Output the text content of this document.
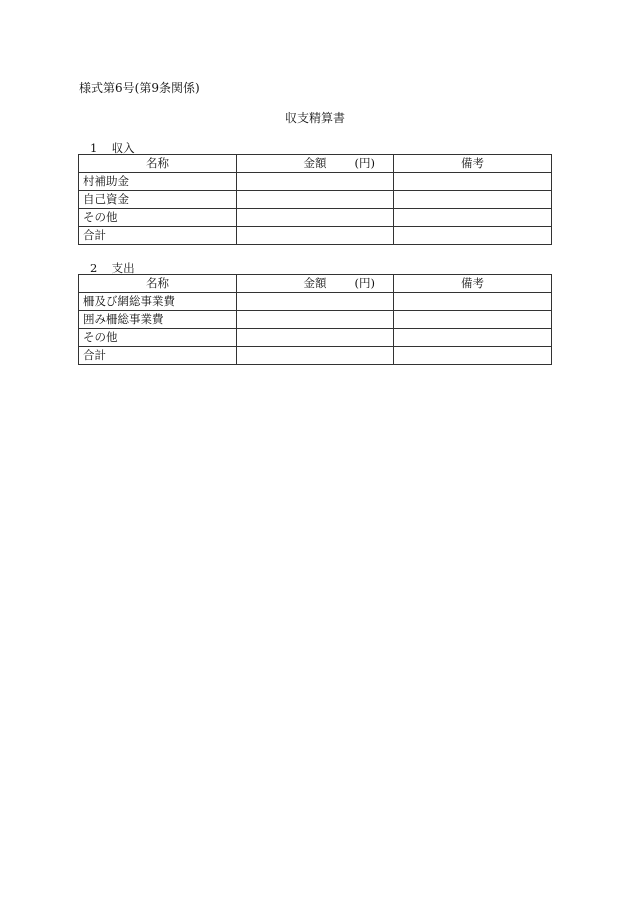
様式第6号(第9条関係)
収支精算書
1 収入
名称	金額 (円)	備考
村補助金		
自己資金		
その他		
合計		
2 支出
名称	金額 (円)	備考
柵及び網総事業費		
囲み柵総事業費		
その他		
合計		
